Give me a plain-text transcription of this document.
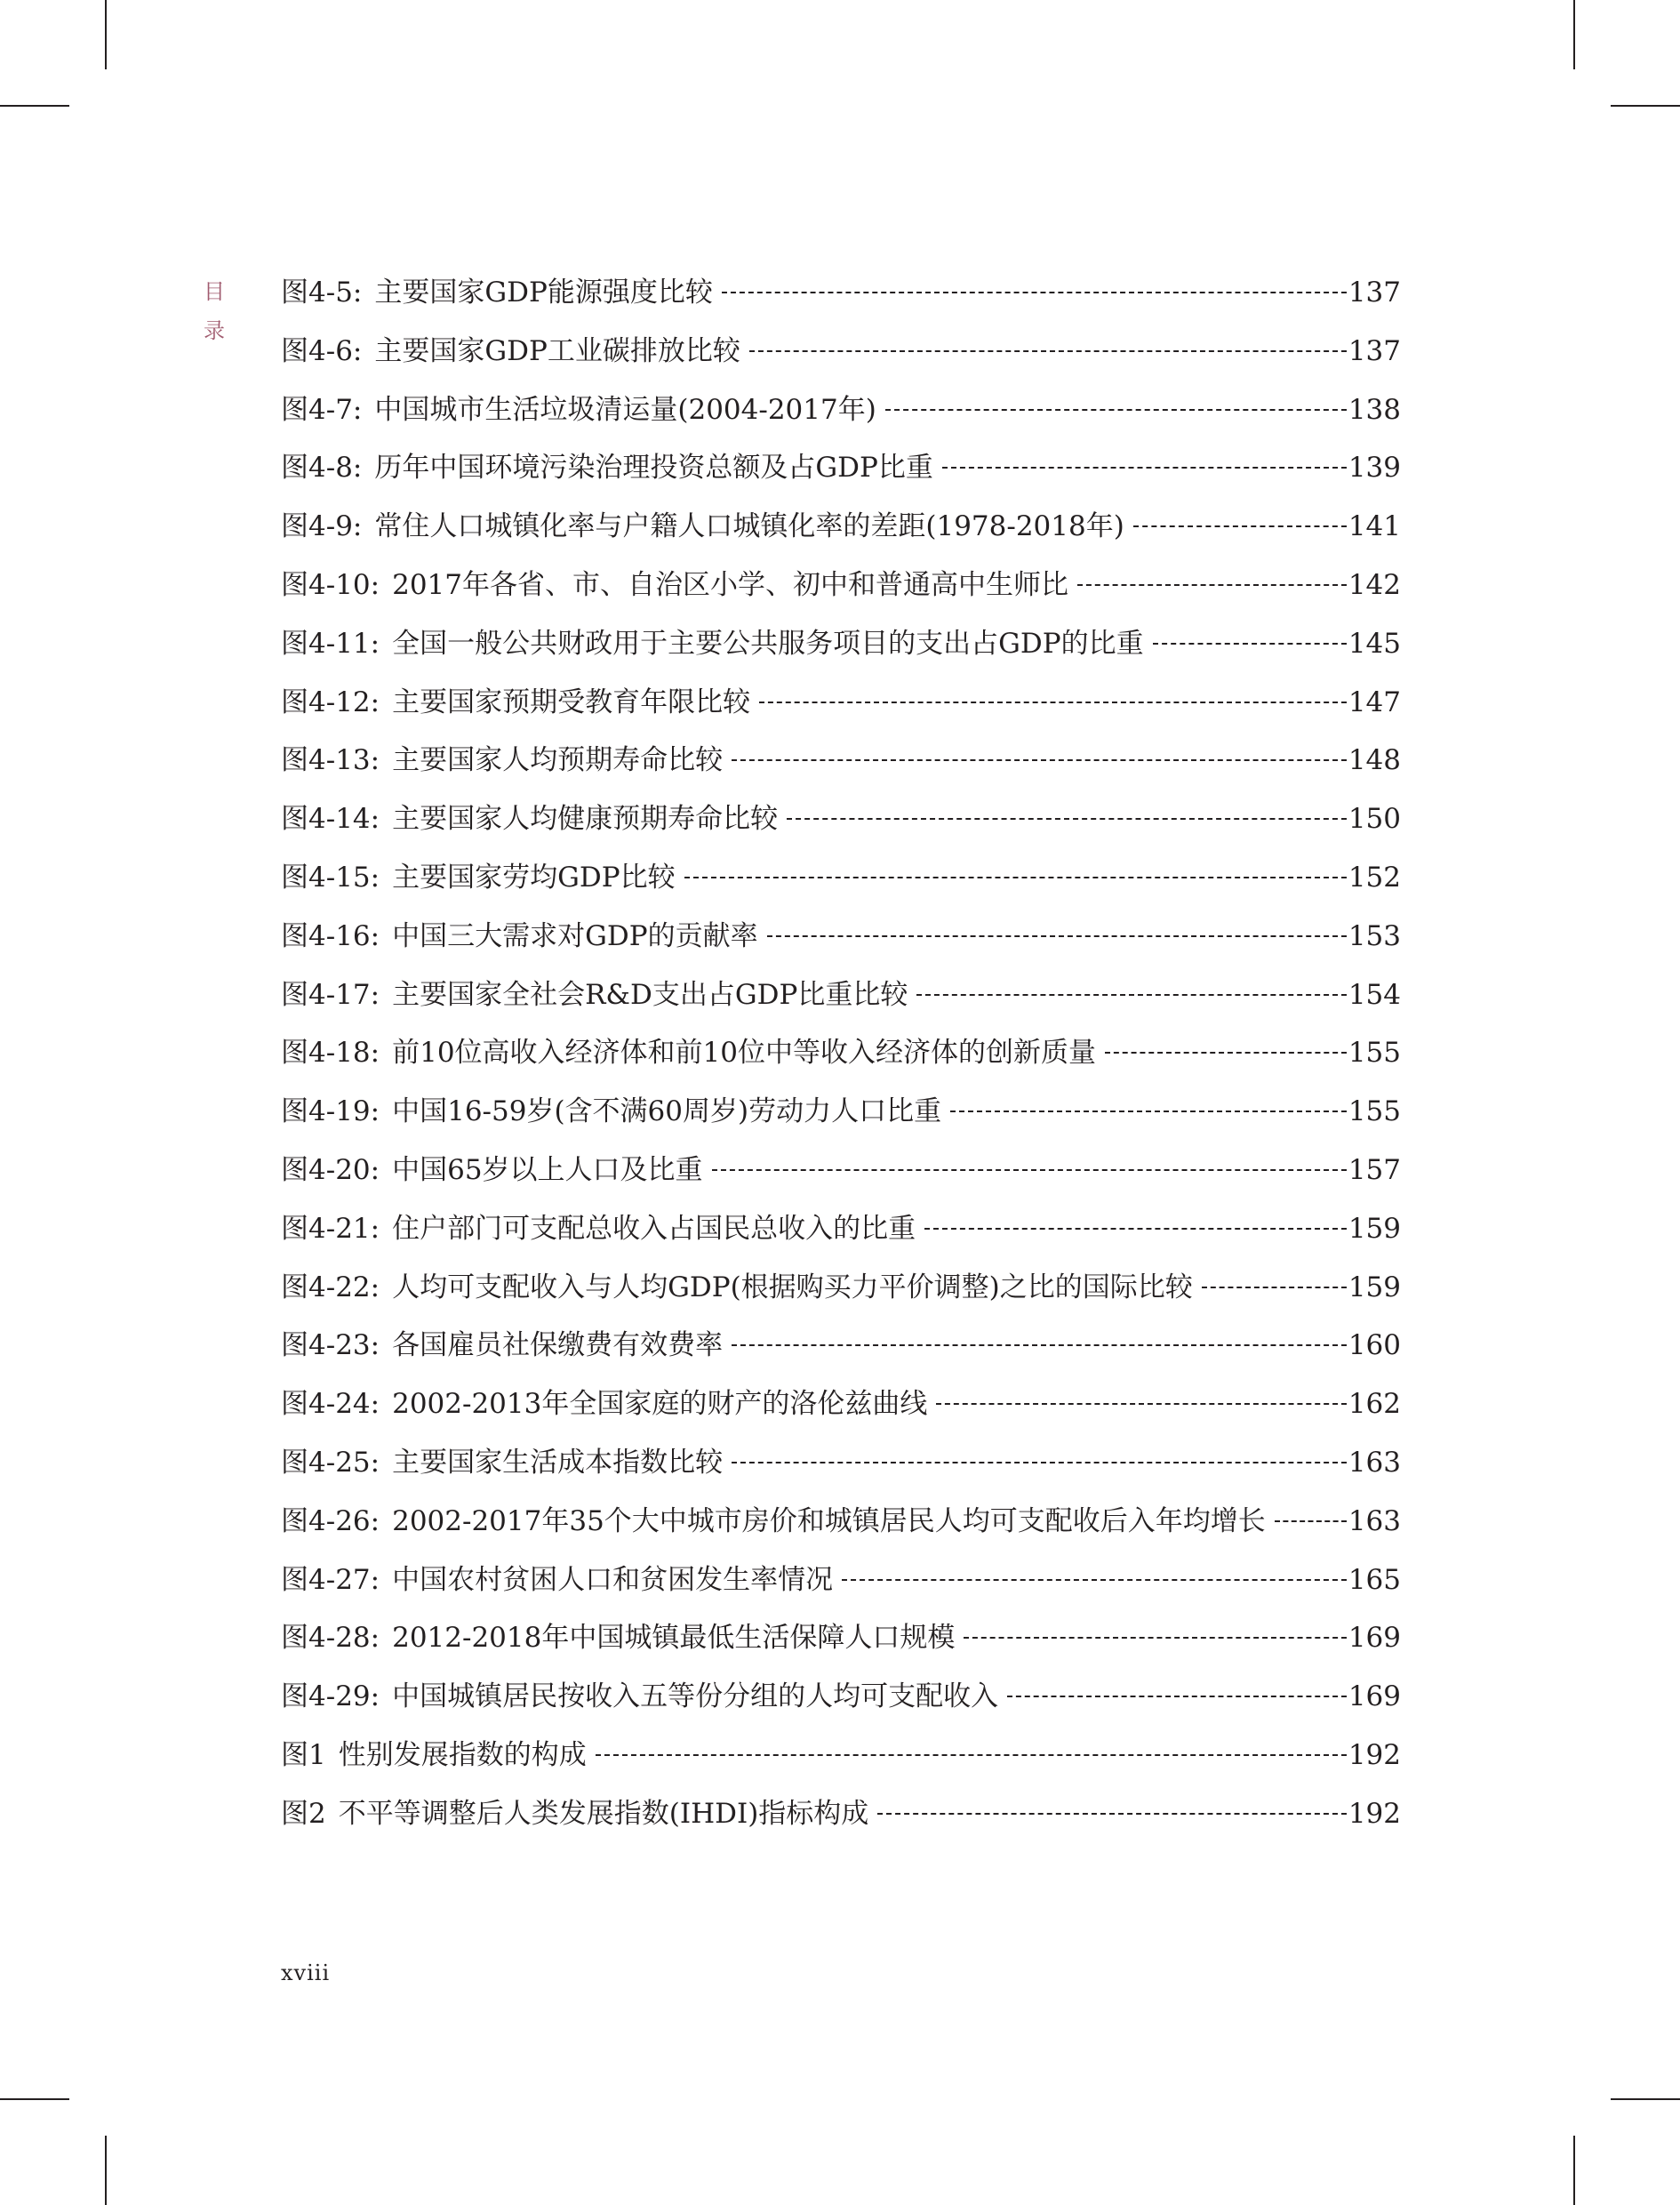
目
录
图4-5: 主要国家GDP能源强度比较	137
图4-6: 主要国家GDP工业碳排放比较	137
图4-7: 中国城市生活垃圾清运量(2004-2017年)	138
图4-8: 历年中国环境污染治理投资总额及占GDP比重	139
图4-9: 常住人口城镇化率与户籍人口城镇化率的差距(1978-2018年)	141
图4-10: 2017年各省、市、自治区小学、初中和普通高中生师比	142
图4-11: 全国一般公共财政用于主要公共服务项目的支出占GDP的比重	145
图4-12: 主要国家预期受教育年限比较	147
图4-13: 主要国家人均预期寿命比较	148
图4-14: 主要国家人均健康预期寿命比较	150
图4-15: 主要国家劳均GDP比较	152
图4-16: 中国三大需求对GDP的贡献率	153
图4-17: 主要国家全社会R&D支出占GDP比重比较	154
图4-18: 前10位高收入经济体和前10位中等收入经济体的创新质量	155
图4-19: 中国16-59岁(含不满60周岁)劳动力人口比重	155
图4-20: 中国65岁以上人口及比重	157
图4-21: 住户部门可支配总收入占国民总收入的比重	159
图4-22: 人均可支配收入与人均GDP(根据购买力平价调整)之比的国际比较	159
图4-23: 各国雇员社保缴费有效费率	160
图4-24: 2002-2013年全国家庭的财产的洛伦兹曲线	162
图4-25: 主要国家生活成本指数比较	163
图4-26: 2002-2017年35个大中城市房价和城镇居民人均可支配收后入年均增长	163
图4-27: 中国农村贫困人口和贫困发生率情况	165
图4-28: 2012-2018年中国城镇最低生活保障人口规模	169
图4-29: 中国城镇居民按收入五等份分组的人均可支配收入	169
图1 性别发展指数的构成	192
图2 不平等调整后人类发展指数(IHDI)指标构成	192
xviii
